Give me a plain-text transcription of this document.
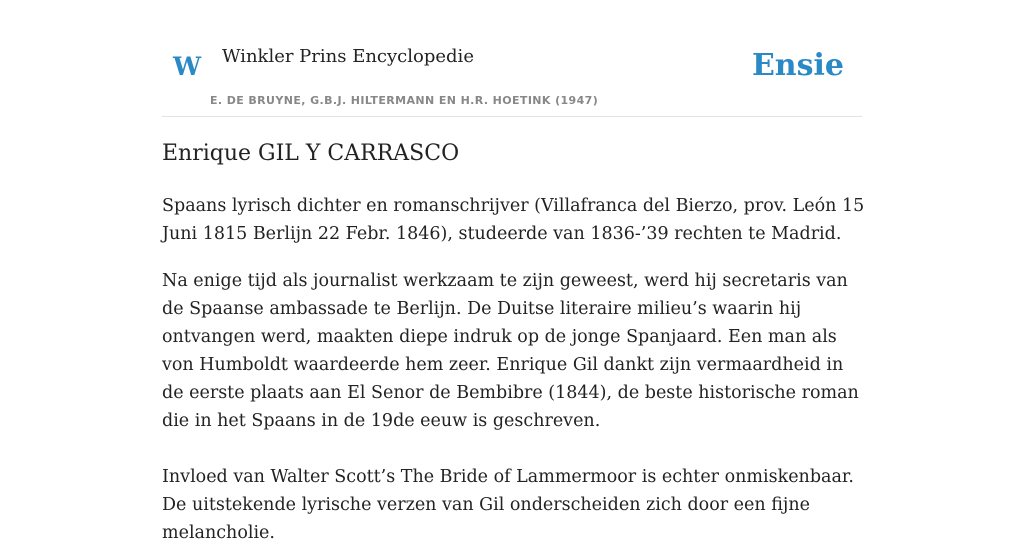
W Winkler Prins Encyclopedie
E. DE BRUYNE, G.B.J. HILTERMANN EN H.R. HOETINK (1947)
Ensie
Enrique GIL Y CARRASCO

Spaans lyrisch dichter en romanschrijver (Villafranca del Bierzo, prov. León 15 Juni 1815 Berlijn 22 Febr. 1846), studeerde van 1836-’39 rechten te Madrid.

Na enige tijd als journalist werkzaam te zijn geweest, werd hij secretaris van de Spaanse ambassade te Berlijn. De Duitse literaire milieu’s waarin hij ontvangen werd, maakten diepe indruk op de jonge Spanjaard. Een man als von Humboldt waardeerde hem zeer. Enrique Gil dankt zijn vermaardheid in de eerste plaats aan El Senor de Bembibre (1844), de beste historische roman die in het Spaans in de 19de eeuw is geschreven.

Invloed van Walter Scott’s The Bride of Lammermoor is echter onmiskenbaar. De uitstekende lyrische verzen van Gil onderscheiden zich door een fijne melancholie.
